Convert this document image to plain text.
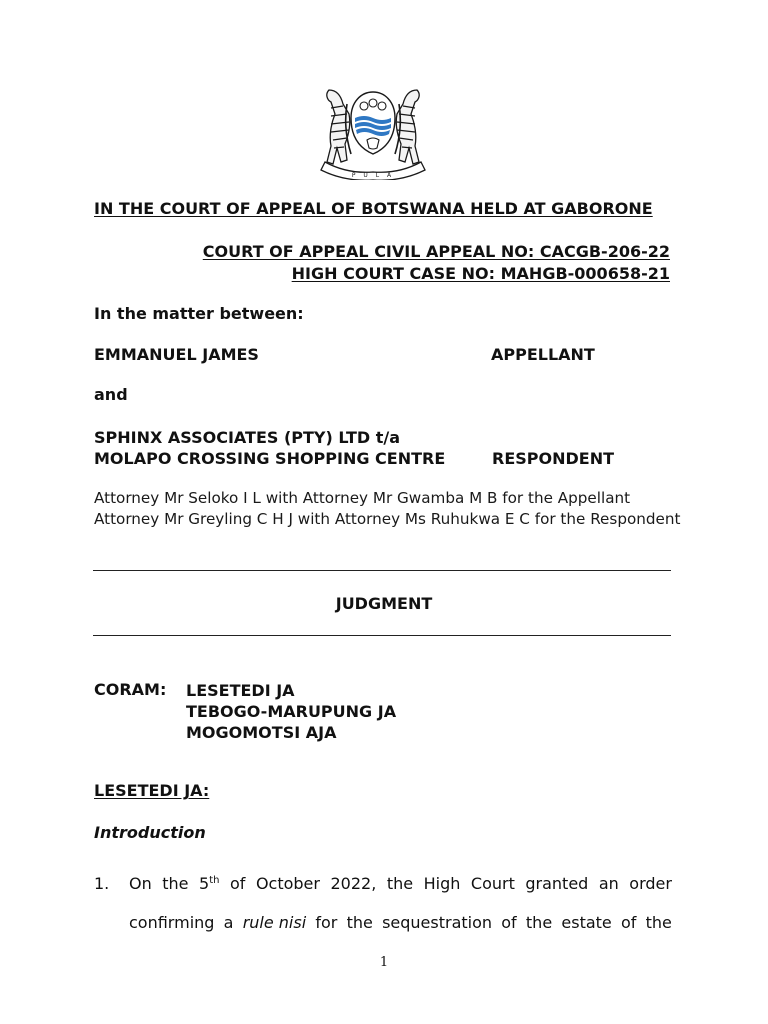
P U L A
IN THE COURT OF APPEAL OF BOTSWANA HELD AT GABORONE
COURT OF APPEAL CIVIL APPEAL NO: CACGB-206-22
HIGH COURT CASE NO: MAHGB-000658-21
In the matter between:
EMMANUEL JAMES	APPELLANT
and
SPHINX ASSOCIATES (PTY) LTD t/a
MOLAPO CROSSING SHOPPING CENTRE	RESPONDENT
Attorney Mr Seloko I L with Attorney Mr Gwamba M B for the Appellant Attorney Mr Greyling C H J with Attorney Ms Ruhukwa E C for the Respondent
JUDGMENT
CORAM: LESETEDI JA
TEBOGO-MARUPUNG JA
MOGOMOTSI AJA
LESETEDI JA:
Introduction
1. On the 5th of October 2022, the High Court granted an order
confirming a rule nisi for the sequestration of the estate of the
1
